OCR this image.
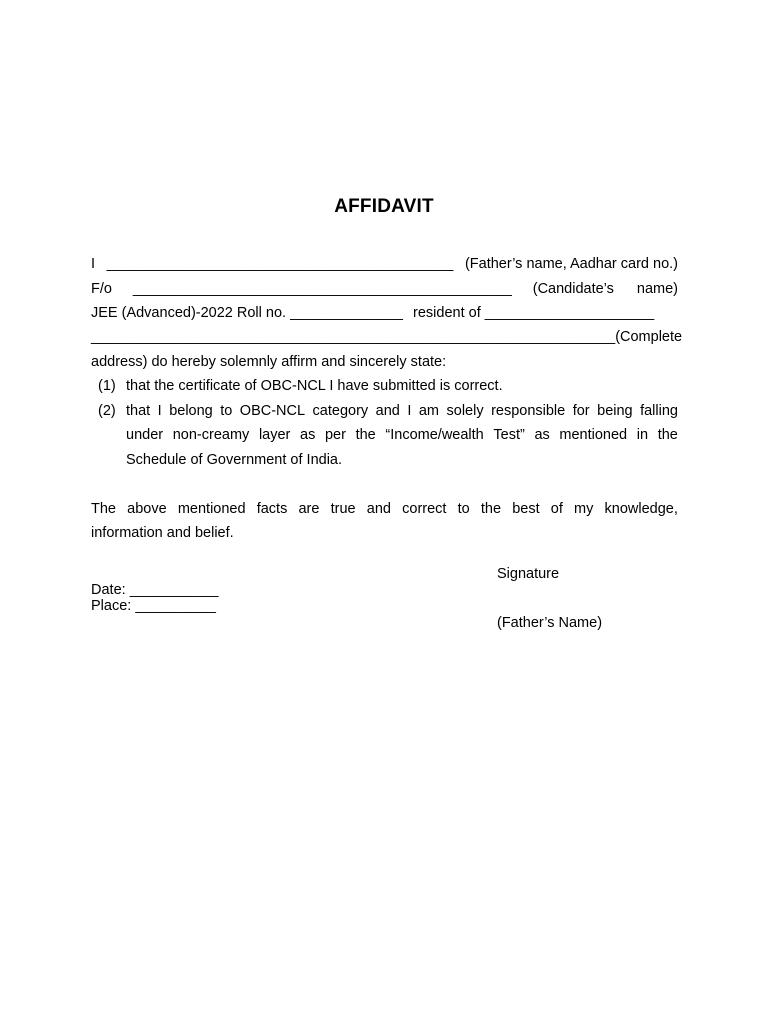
AFFIDAVIT
I ___________________________________________ (Father’s name, Aadhar card no.)
F/o _______________________________________________ (Candidate’s name)
JEE (Advanced)-2022 Roll no. ______________ resident of _____________________
_________________________________________________________________ (Complete
address) do hereby solemnly affirm and sincerely state:
(1) that the certificate of OBC-NCL I have submitted is correct.
(2) that I belong to OBC-NCL category and I am solely responsible for being falling
under non-creamy layer as per the “Income/wealth Test” as mentioned in the
Schedule of Government of India.
The above mentioned facts are true and correct to the best of my knowledge,
information and belief.
Signature
Date: ___________
Place: __________
(Father’s Name)
